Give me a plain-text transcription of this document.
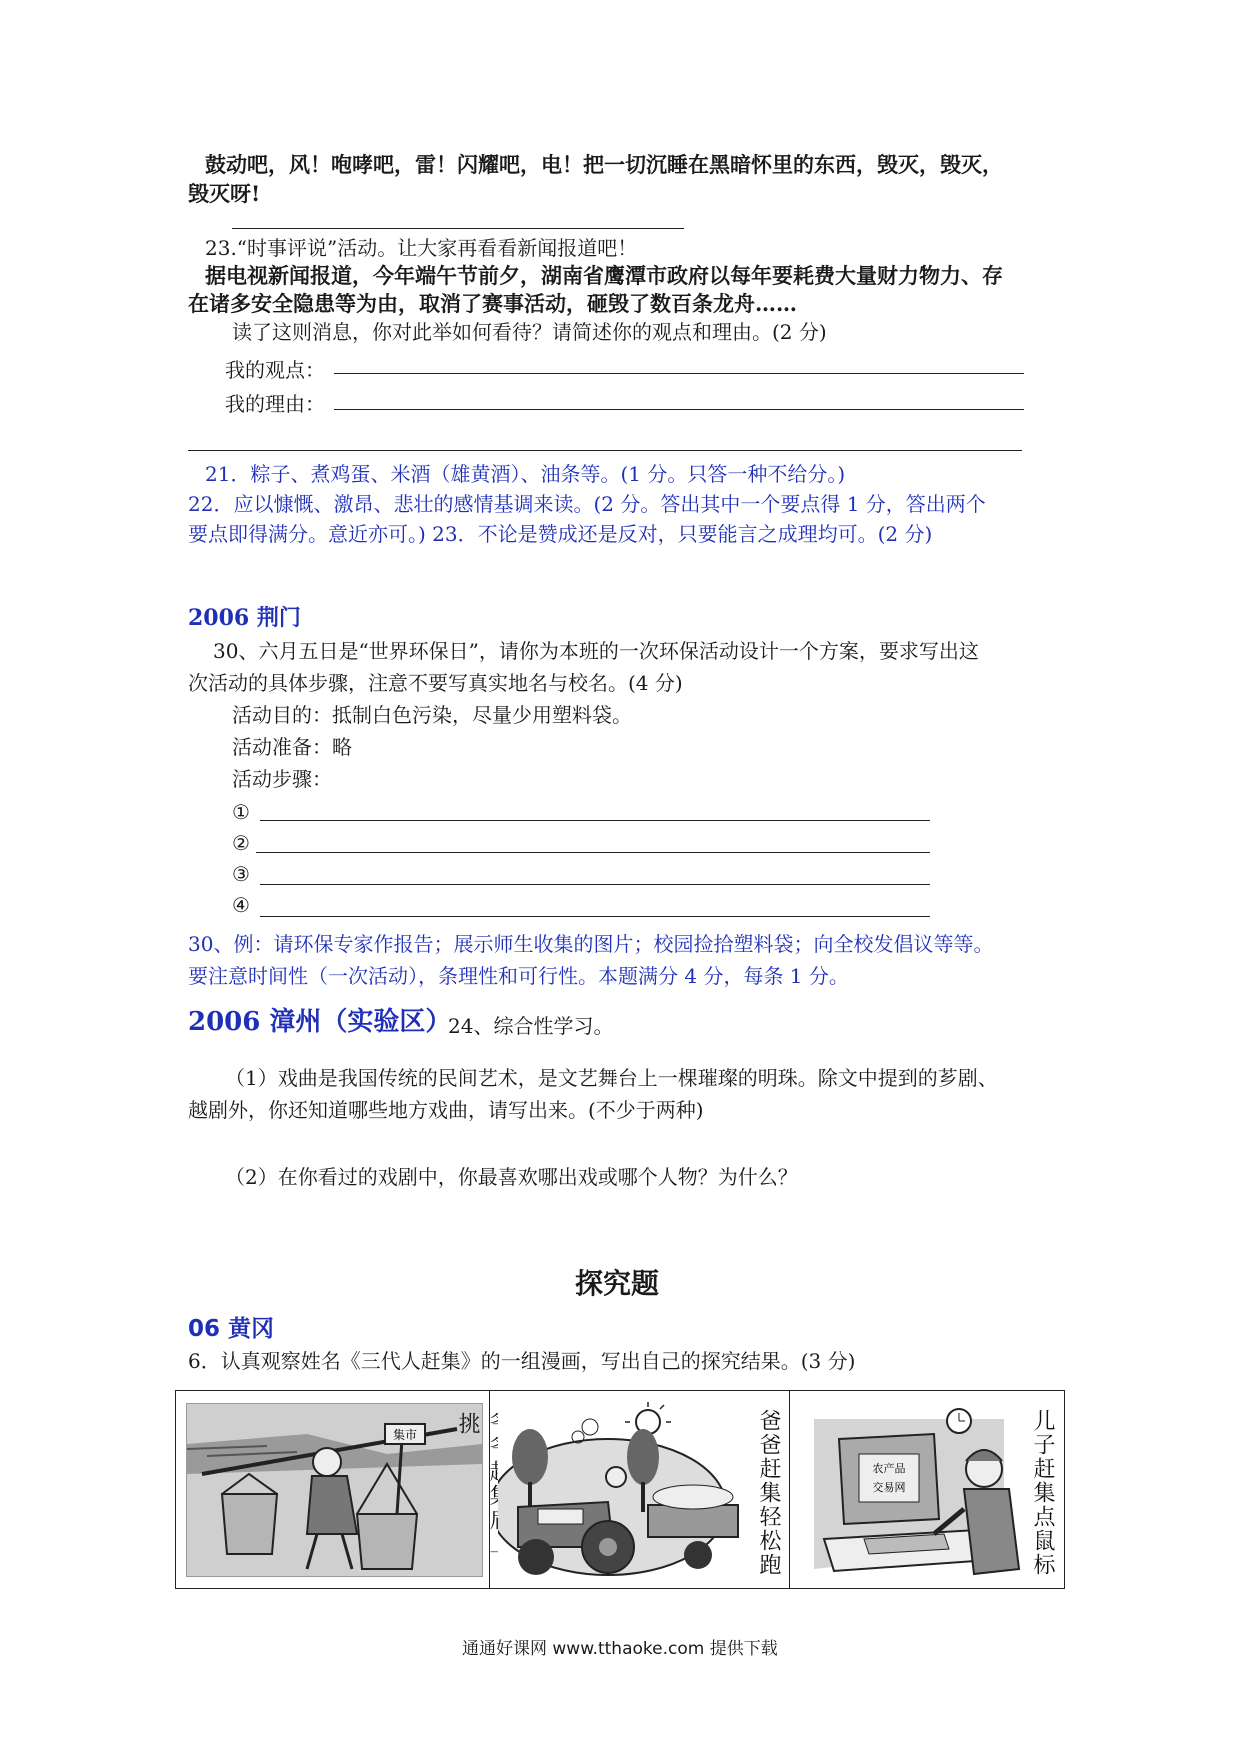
鼓动吧，风！咆哮吧，雷！闪耀吧，电！把一切沉睡在黑暗怀里的东西，毁灭，毁灭，
毁灭呀!
23.“时事评说”活动。让大家再看看新闻报道吧！
据电视新闻报道，今年端午节前夕，湖南省鹰潭市政府以每年要耗费大量财力物力、存
在诸多安全隐患等为由，取消了赛事活动，砸毁了数百条龙舟……
读了这则消息，你对此举如何看待？请简述你的观点和理由。(2 分)
我的观点：
我的理由：
21．粽子、煮鸡蛋、米酒（雄黄酒）、油条等。(1 分。只答一种不给分。)
22．应以慷慨、激昂、悲壮的感情基调来读。(2 分。答出其中一个要点得 1 分，答出两个
要点即得满分。意近亦可。) 23．不论是赞成还是反对，只要能言之成理均可。(2 分)
2006 荆门
30、六月五日是“世界环保日”，请你为本班的一次环保活动设计一个方案，要求写出这
次活动的具体步骤，注意不要写真实地名与校名。(4 分)
活动目的：抵制白色污染，尽量少用塑料袋。
活动准备：略
活动步骤：
①
②
③
④
30、例：请环保专家作报告；展示师生收集的图片；校园捡拾塑料袋；向全校发倡议等等。
要注意时间性（一次活动），条理性和可行性。本题满分 4 分，每条 1 分。
2006 漳州（实验区）
24、综合性学习。
（1）戏曲是我国传统的民间艺术，是文艺舞台上一棵璀璨的明珠。除文中提到的芗剧、
越剧外，你还知道哪些地方戏曲，请写出来。(不少于两种)
（2）在你看过的戏剧中，你最喜欢哪出戏或哪个人物？为什么？
探究题
06 黄冈
6．认真观察姓名《三代人赶集》的一组漫画，写出自己的探究结果。(3 分)
集市 挑	爸爸赶集轻松跑	农产品
交易网	儿子赶集点鼠标
通通好课网 www.tthaoke.com 提供下载
